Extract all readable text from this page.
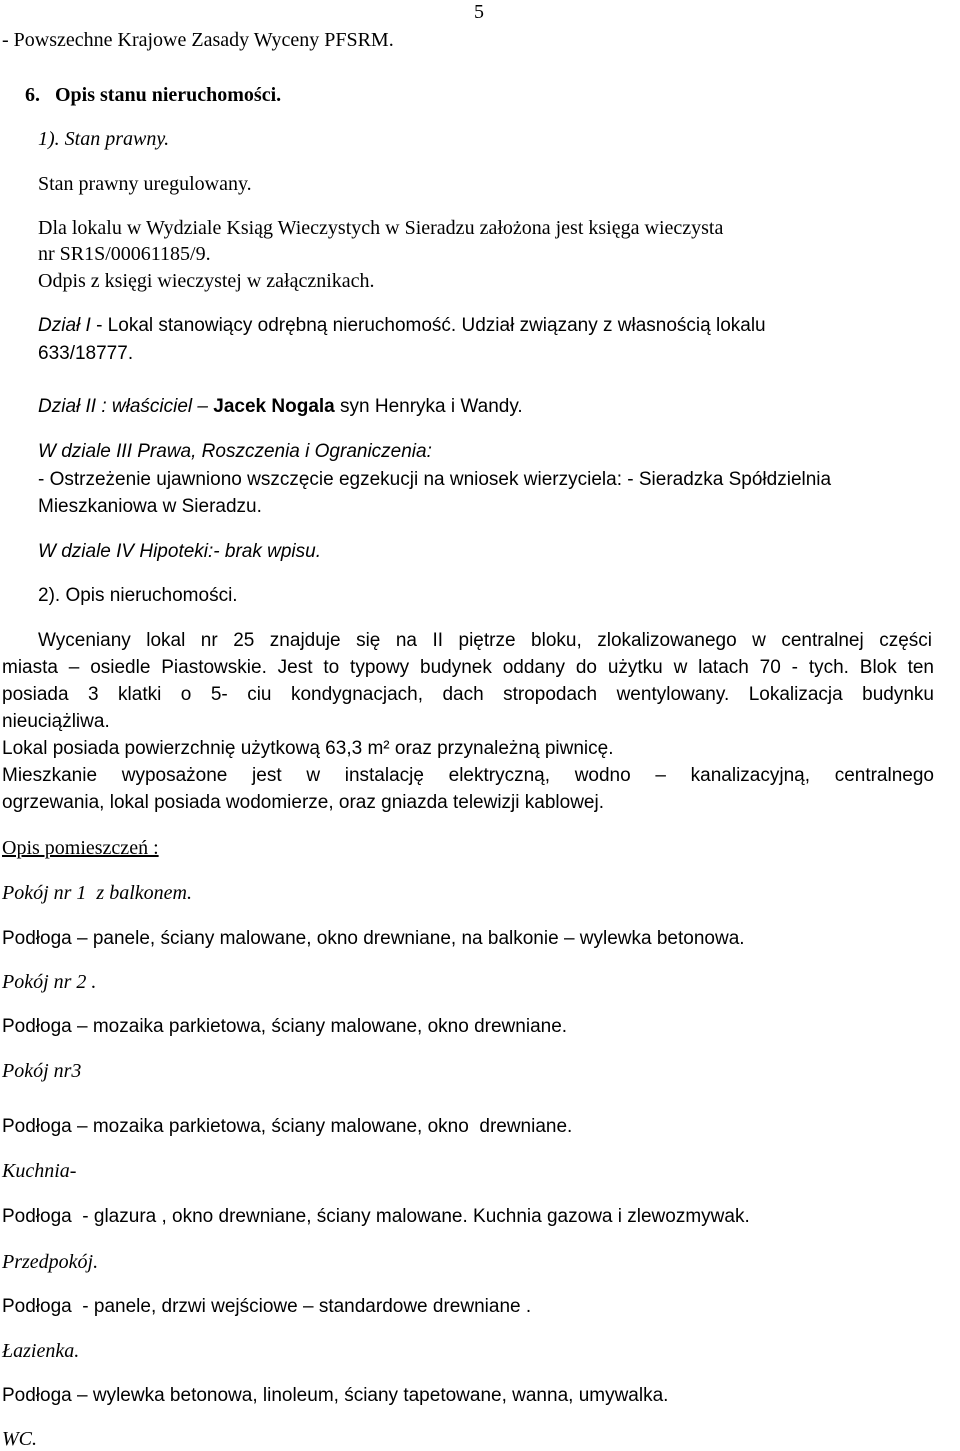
5
- Powszechne Krajowe Zasady Wyceny PFSRM.
6.   Opis stanu nieruchomości.
1). Stan prawny.
Stan prawny uregulowany.
Dla lokalu w Wydziale Ksiąg Wieczystych w Sieradzu założona jest księga wieczysta
nr SR1S/00061185/9.
Odpis z księgi wieczystej w załącznikach.
Dział I - Lokal stanowiący odrębną nieruchomość. Udział związany z własnością lokalu
633/18777.
Dział II : właściciel – Jacek Nogala syn Henryka i Wandy.
W dziale III Prawa, Roszczenia i Ograniczenia:
- Ostrzeżenie ujawniono wszczęcie egzekucji na wniosek wierzyciela: - Sieradzka Spółdzielnia
Mieszkaniowa w Sieradzu.
W dziale IV Hipoteki:- brak wpisu.
2). Opis nieruchomości.
Wyceniany lokal nr 25 znajduje się na II piętrze bloku, zlokalizowanego w centralnej części
miasta – osiedle Piastowskie. Jest to typowy budynek oddany do użytku w latach 70 - tych. Blok ten
posiada 3 klatki o 5- ciu kondygnacjach, dach stropodach wentylowany. Lokalizacja budynku
nieuciążliwa.
Lokal posiada powierzchnię użytkową 63,3 m² oraz przynależną piwnicę.
Mieszkanie wyposażone jest w instalację elektryczną, wodno – kanalizacyjną, centralnego
ogrzewania, lokal posiada wodomierze, oraz gniazda telewizji kablowej.
Opis pomieszczeń :
Pokój nr 1  z balkonem.
Podłoga – panele, ściany malowane, okno drewniane, na balkonie – wylewka betonowa.
Pokój nr 2 .
Podłoga – mozaika parkietowa, ściany malowane, okno drewniane.
Pokój nr3
Podłoga – mozaika parkietowa, ściany malowane, okno  drewniane.
Kuchnia-
Podłoga  - glazura , okno drewniane, ściany malowane. Kuchnia gazowa i zlewozmywak.
Przedpokój.
Podłoga  - panele, drzwi wejściowe – standardowe drewniane .
Łazienka.
Podłoga – wylewka betonowa, linoleum, ściany tapetowane, wanna, umywalka.
WC.
